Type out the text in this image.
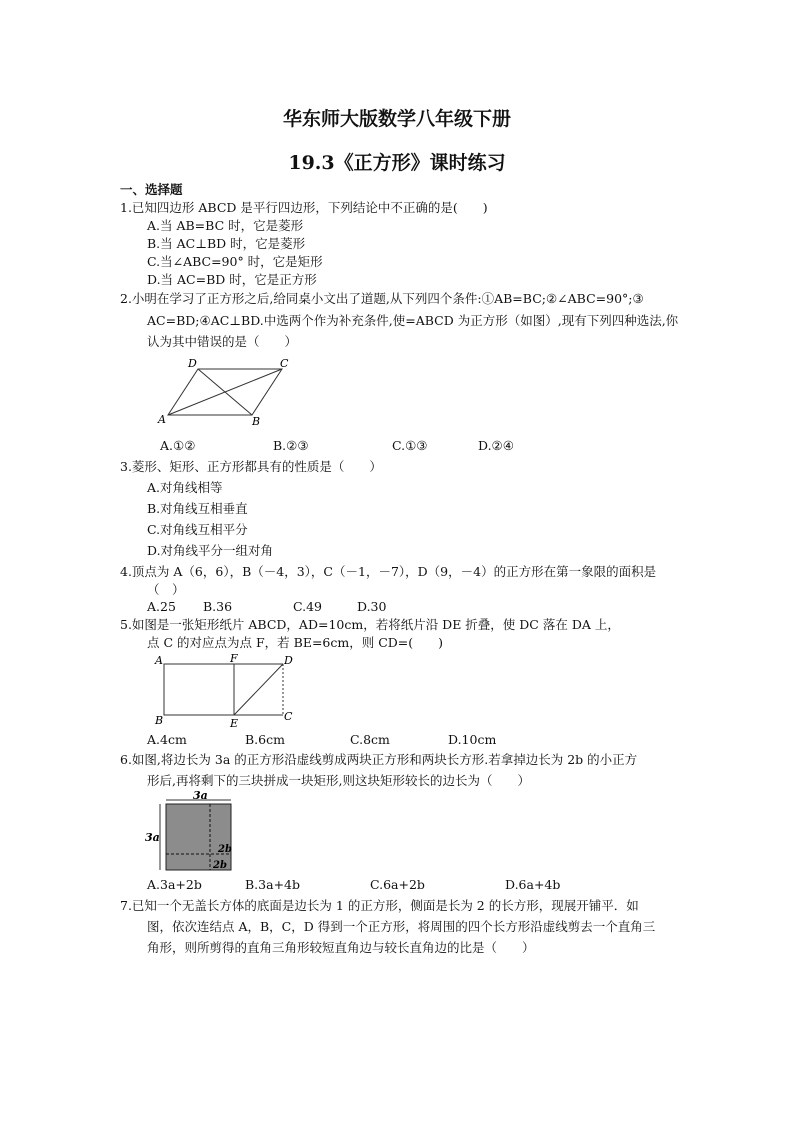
华东师大版数学八年级下册
19.3《正方形》课时练习
一、选择题
1.已知四边形 ABCD 是平行四边形，下列结论中不正确的是(　　)
A.当 AB=BC 时，它是菱形
B.当 AC⊥BD 时，它是菱形
C.当∠ABC=90° 时，它是矩形
D.当 AC=BD 时，它是正方形
2.小明在学习了正方形之后,给同桌小文出了道题,从下列四个条件:①AB=BC;②∠ABC=90°;③
AC=BD;④AC⊥BD.中选两个作为补充条件,使=ABCD 为正方形（如图）,现有下列四种选法,你
认为其中错误的是（　　）
D	C
A	B
A.①②	B.②③	C.①③	D.②④
3.菱形、矩形、正方形都具有的性质是（　　）
A.对角线相等
B.对角线互相垂直
C.对角线互相平分
D.对角线平分一组对角
4.顶点为 A（6，6），B（－4，3），C（－1，－7），D（9，－4）的正方形在第一象限的面积是
（　）
A.25 B.36	C.49	D.30
5.如图是一张矩形纸片 ABCD，AD=10cm，若将纸片沿 DE 折叠，使 DC 落在 DA 上，
点 C 的对应点为点 F，若 BE=6cm，则 CD=(　　)
A	F	D
B	E
C
A.4cm	B.6cm	C.8cm	D.10cm
6.如图,将边长为 3a 的正方形沿虚线剪成两块正方形和两块长方形.若拿掉边长为 2b 的小正方
形后,再将剩下的三块拼成一块矩形,则这块矩形较长的边长为（　　）
3a
3a
2b
2b
A.3a+2b	B.3a+4b	C.6a+2b	D.6a+4b
7.已知一个无盖长方体的底面是边长为 1 的正方形，侧面是长为 2 的长方形，现展开铺平．如
图，依次连结点 A，B，C，D 得到一个正方形，将周围的四个长方形沿虚线剪去一个直角三
角形，则所剪得的直角三角形较短直角边与较长直角边的比是（　　）
